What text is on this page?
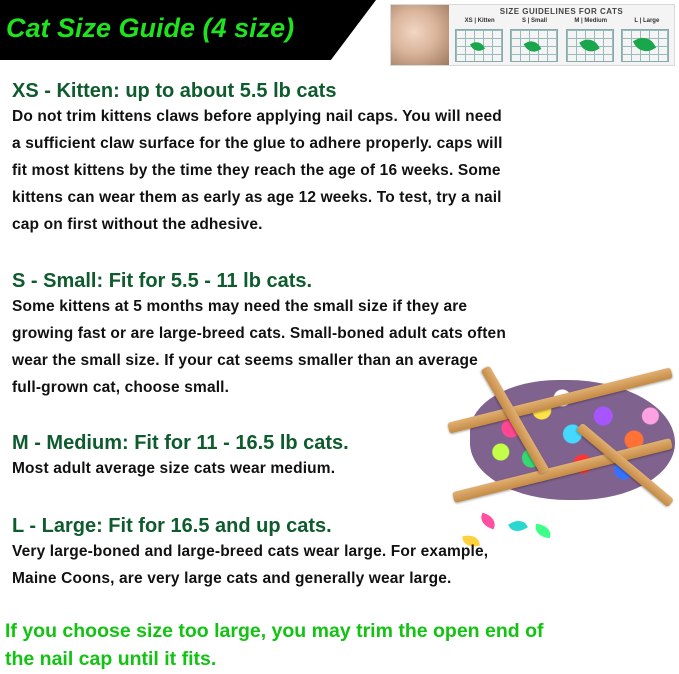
Cat Size Guide (4 size)
SIZE GUIDELINES FOR CATS
XS | Kitten	S | Small	M | Medium	L | Large
XS - Kitten: up to about 5.5 lb cats
Do not trim kittens claws before applying nail caps. You will need
a sufficient claw surface for the glue to adhere properly. caps will
fit most kittens by the time they reach the age of 16 weeks. Some
kittens can wear them as early as age 12 weeks. To test, try a nail
cap on first without the adhesive.
S - Small: Fit for 5.5 - 11 lb cats.
Some kittens at 5 months may need the small size if they are
growing fast or are large-breed cats. Small-boned adult cats often
wear the small size. If your cat seems smaller than an average
full-grown cat, choose small.
M - Medium: Fit for 11 - 16.5 lb cats.
Most adult average size cats wear medium.
L - Large: Fit for 16.5 and up cats.
Very large-boned and large-breed cats wear large. For example,
Maine Coons, are very large cats and generally wear large.
If you choose size too large, you may trim the open end of
the nail cap until it fits.
